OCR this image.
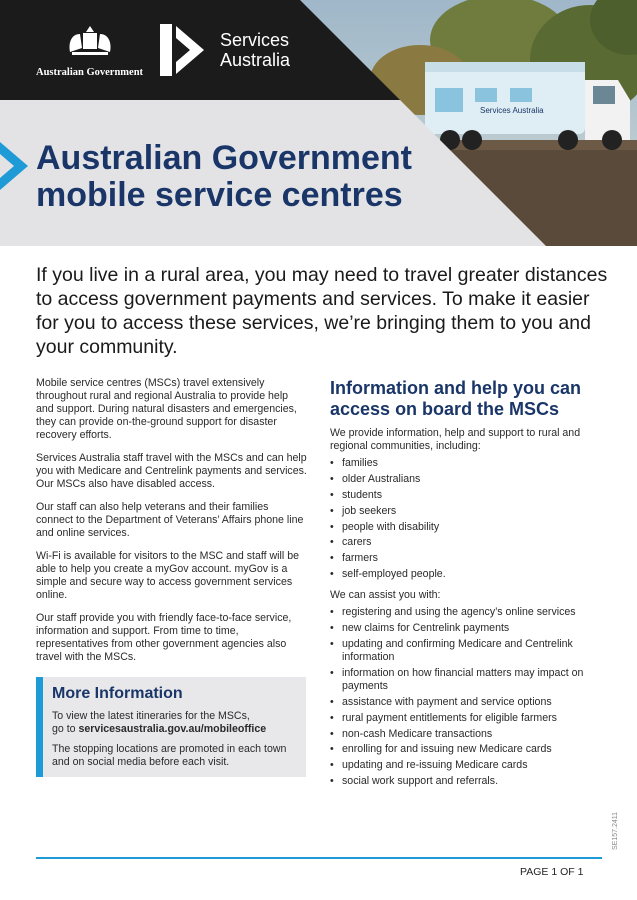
Services Australia
Australian Government
Services
Australia
Australian Government
mobile service centres

If you live in a rural area, you may need to travel greater distances to access government payments and services. To make it easier for you to access these services, we’re bringing them to you and your community.

Mobile service centres (MSCs) travel extensively throughout rural and regional Australia to provide help and support. During natural disasters and emergencies, they can provide on-the-ground support for disaster recovery efforts.

Services Australia staff travel with the MSCs and can help you with Medicare and Centrelink payments and services. Our MSCs also have disabled access.

Our staff can also help veterans and their families connect to the Department of Veterans’ Affairs phone line and online services.

Wi-Fi is available for visitors to the MSC and staff will be able to help you create a myGov account. myGov is a simple and secure way to access government services online.

Our staff provide you with friendly face-to-face service, information and support. From time to time, representatives from other government agencies also travel with the MSCs.

More Information

To view the latest itineraries for the MSCs,
go to servicesaustralia.gov.au/mobileoffice

The stopping locations are promoted in each town and on social media before each visit.

Information and help you can access on board the MSCs

We provide information, help and support to rural and regional communities, including:

• families
• older Australians
• students
• job seekers
• people with disability
• carers
• farmers
• self-employed people.

We can assist you with:

• registering and using the agency’s online services
• new claims for Centrelink payments
• updating and confirming Medicare and Centrelink information
• information on how financial matters may impact on payments
• assistance with payment and service options
• rural payment entitlements for eligible farmers
• non-cash Medicare transactions
• enrolling for and issuing new Medicare cards
• updating and re-issuing Medicare cards
• social work support and referrals.
PAGE 1 OF 1
SE157.2411
